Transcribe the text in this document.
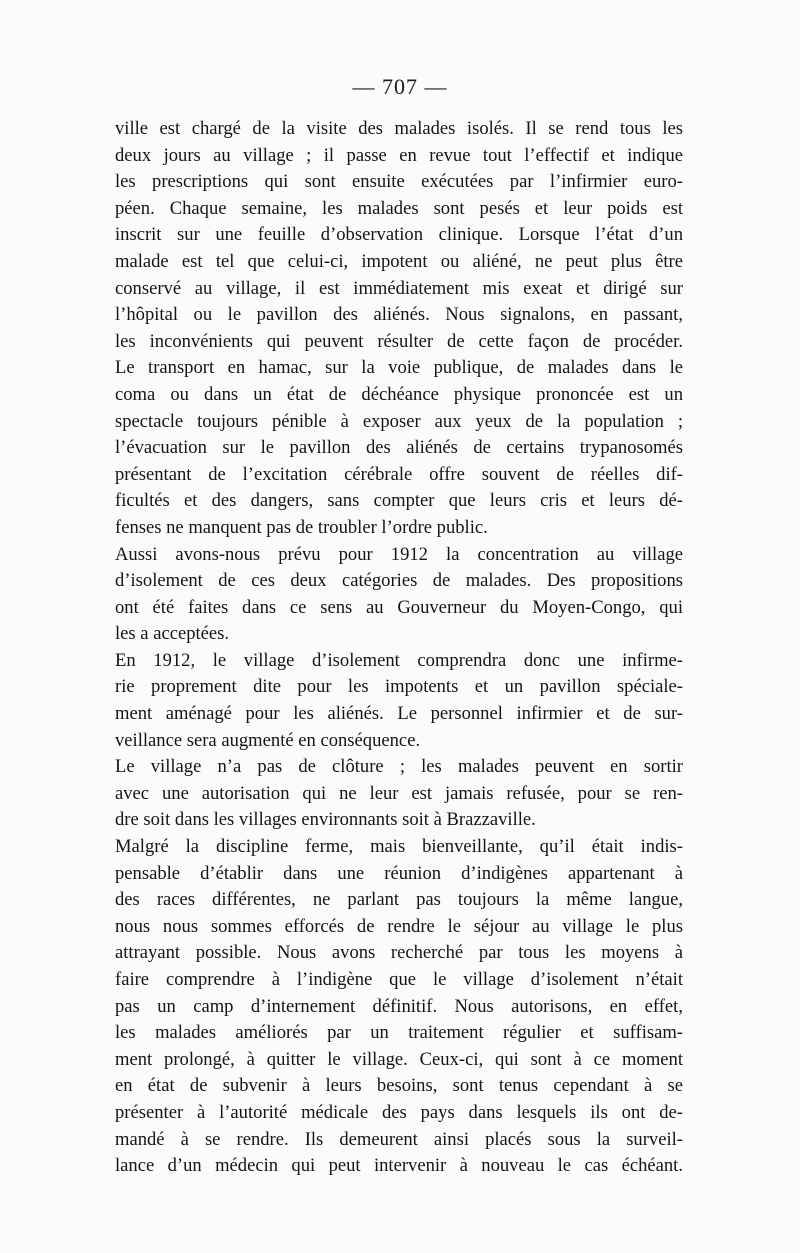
— 707 —

ville est chargé de la visite des malades isolés. Il se rend tous les
deux jours au village ; il passe en revue tout l’effectif et indique
les prescriptions qui sont ensuite exécutées par l’infirmier euro-
péen. Chaque semaine, les malades sont pesés et leur poids est
inscrit sur une feuille d’observation clinique. Lorsque l’état d’un
malade est tel que celui-ci, impotent ou aliéné, ne peut plus être
conservé au village, il est immédiatement mis exeat et dirigé sur
l’hôpital ou le pavillon des aliénés. Nous signalons, en passant,
les inconvénients qui peuvent résulter de cette façon de procéder.
Le transport en hamac, sur la voie publique, de malades dans le
coma ou dans un état de déchéance physique prononcée est un
spectacle toujours pénible à exposer aux yeux de la population ;
l’évacuation sur le pavillon des aliénés de certains trypanosomés
présentant de l’excitation cérébrale offre souvent de réelles dif-
ficultés et des dangers, sans compter que leurs cris et leurs dé-
fenses ne manquent pas de troubler l’ordre public.

Aussi avons-nous prévu pour 1912 la concentration au village
d’isolement de ces deux catégories de malades. Des propositions
ont été faites dans ce sens au Gouverneur du Moyen-Congo, qui
les a acceptées.

En 1912, le village d’isolement comprendra donc une infirme-
rie proprement dite pour les impotents et un pavillon spéciale-
ment aménagé pour les aliénés. Le personnel infirmier et de sur-
veillance sera augmenté en conséquence.

Le village n’a pas de clôture ; les malades peuvent en sortir
avec une autorisation qui ne leur est jamais refusée, pour se ren-
dre soit dans les villages environnants soit à Brazzaville.

Malgré la discipline ferme, mais bienveillante, qu’il était indis-
pensable d’établir dans une réunion d’indigènes appartenant à
des races différentes, ne parlant pas toujours la même langue,
nous nous sommes efforcés de rendre le séjour au village le plus
attrayant possible. Nous avons recherché par tous les moyens à
faire comprendre à l’indigène que le village d’isolement n’était
pas un camp d’internement définitif. Nous autorisons, en effet,
les malades améliorés par un traitement régulier et suffisam-
ment prolongé, à quitter le village. Ceux-ci, qui sont à ce moment
en état de subvenir à leurs besoins, sont tenus cependant à se
présenter à l’autorité médicale des pays dans lesquels ils ont de-
mandé à se rendre. Ils demeurent ainsi placés sous la surveil-
lance d’un médecin qui peut intervenir à nouveau le cas échéant.
